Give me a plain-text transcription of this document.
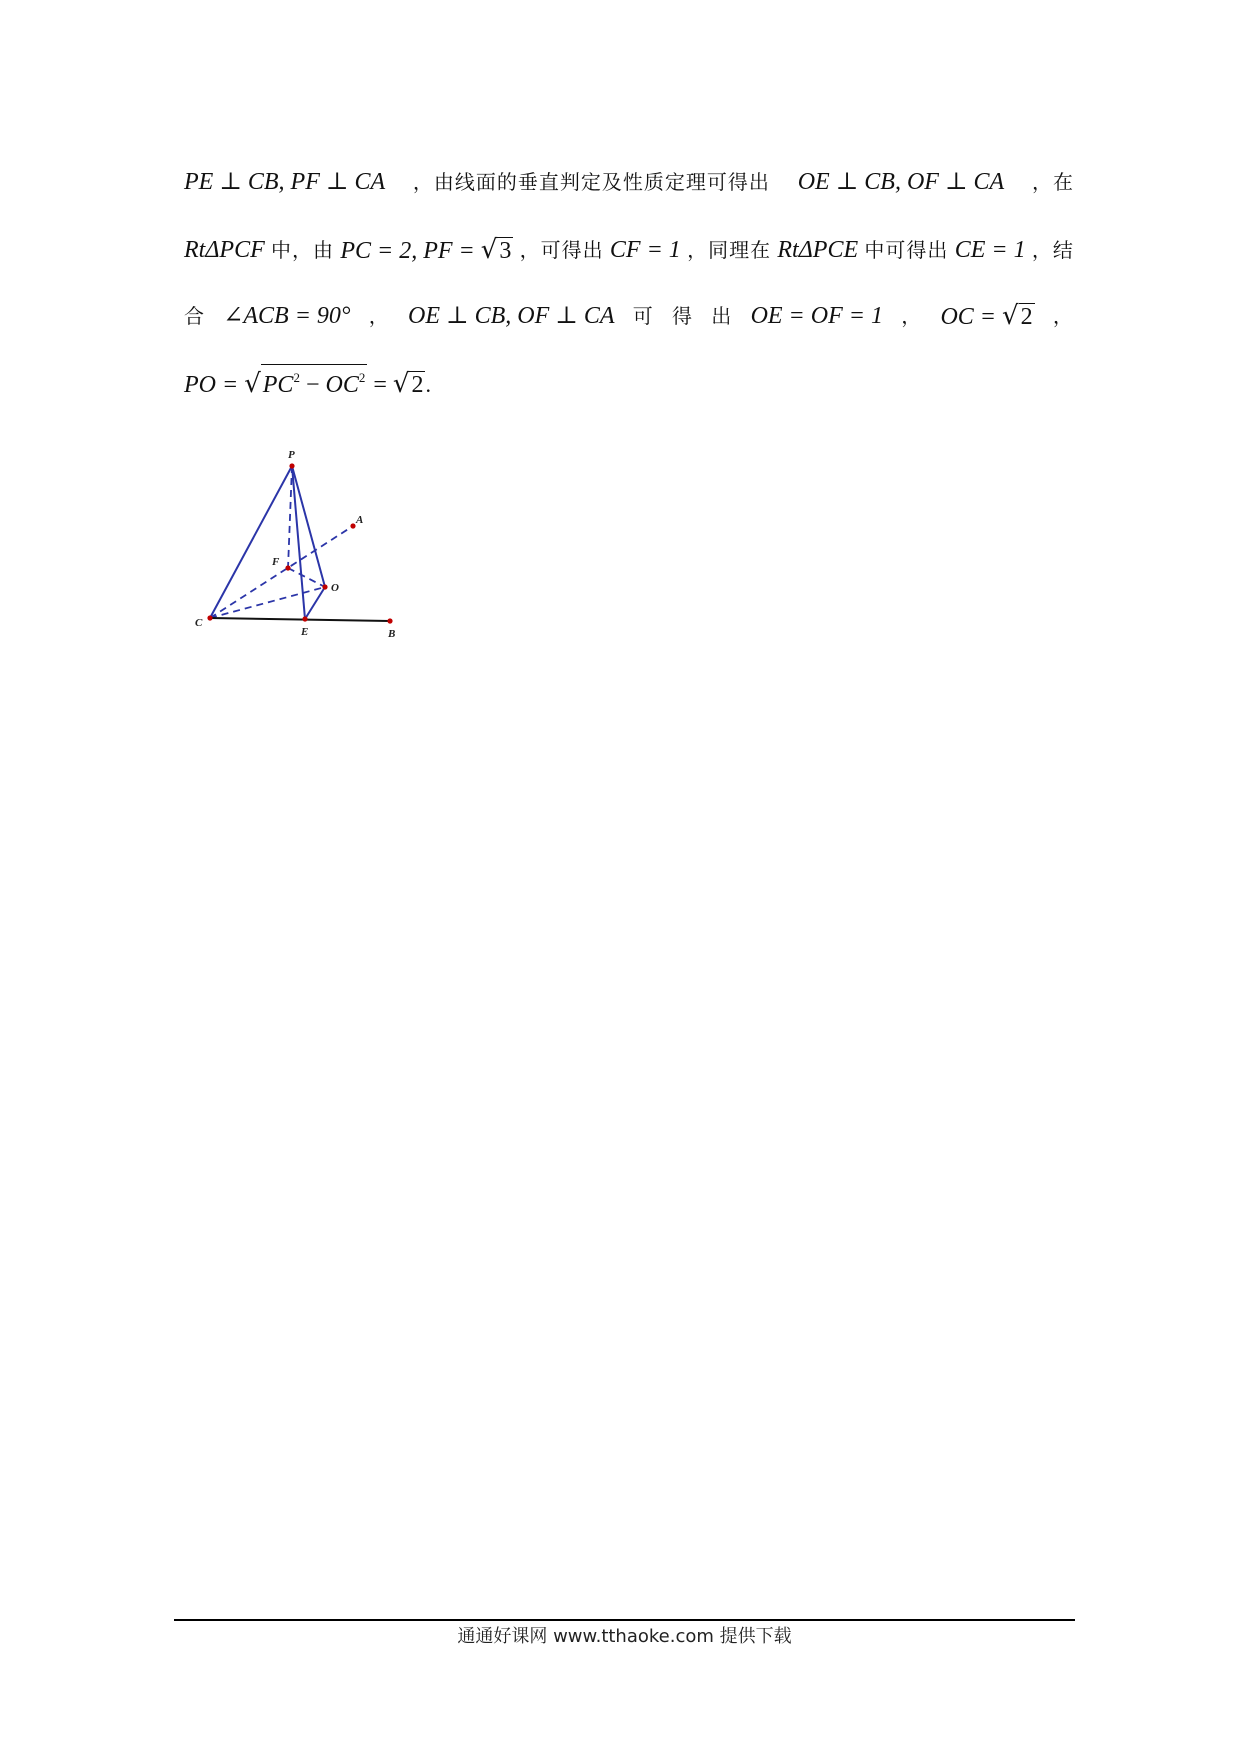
PE ⊥ CB, PF ⊥ CA ，由线面的垂直判定及性质定理可得出 OE ⊥ CB, OF ⊥ CA ，在
RtΔPCF 中，由 PC = 2, PF = √3 ，可得出 CF = 1 ，同理在 RtΔPCE 中可得出 CE = 1 ，结
合 ∠ACB = 90° ， OE ⊥ CB, OF ⊥ CA 可 得 出 OE = OF = 1 ， OC = √2 ，
PO = $√PC^2 - OC^2 = √2$.
P
A
F
O
C
E	B
通通好课网 www.tthaoke.com 提供下载
